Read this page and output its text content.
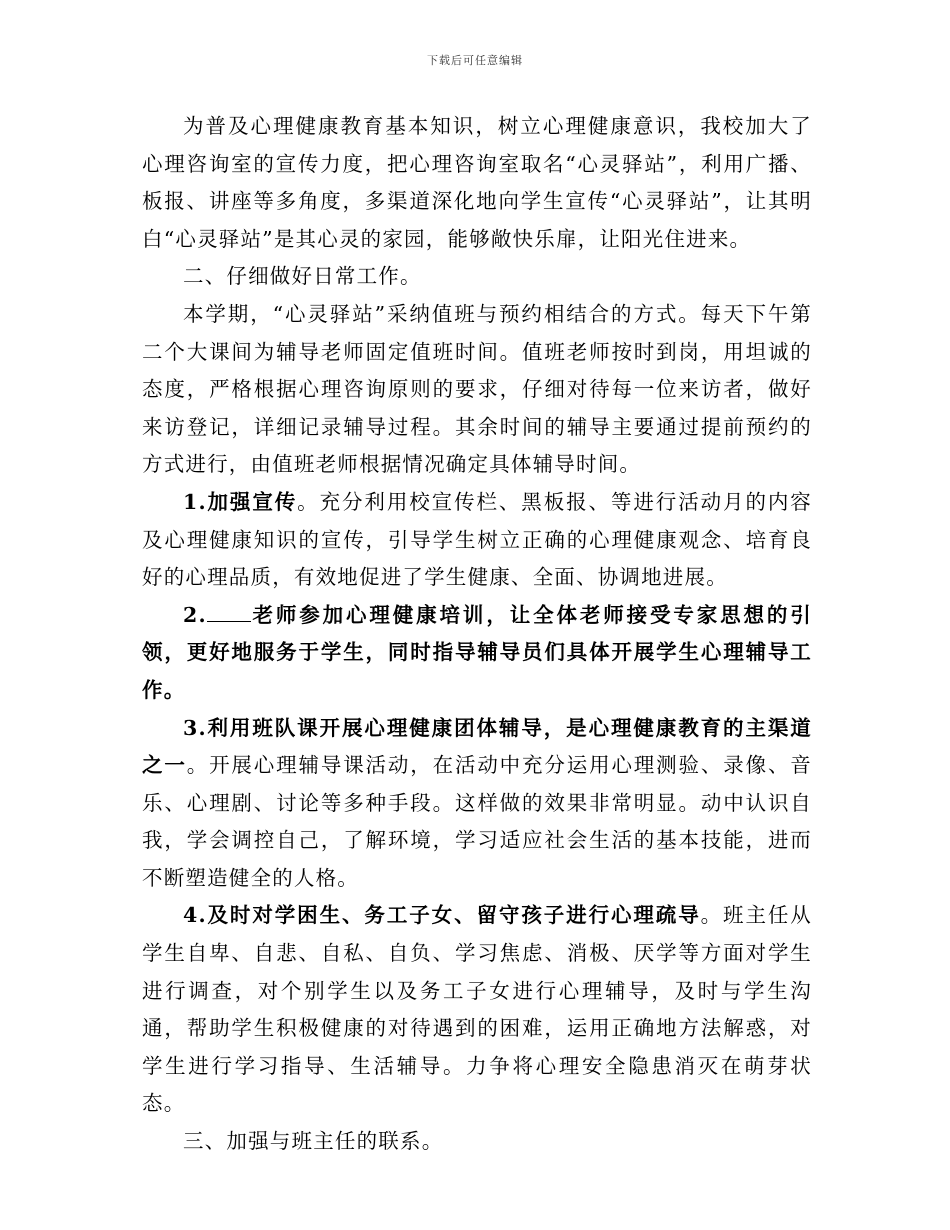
下载后可任意编辑

为普及心理健康教育基本知识，树立心理健康意识，我校加大了心理咨询室的宣传力度，把心理咨询室取名“心灵驿站”，利用广播、板报、讲座等多角度，多渠道深化地向学生宣传“心灵驿站”，让其明白“心灵驿站”是其心灵的家园，能够敞快乐扉，让阳光住进来。

二、仔细做好日常工作。

本学期，“心灵驿站”采纳值班与预约相结合的方式。每天下午第二个大课间为辅导老师固定值班时间。值班老师按时到岗，用坦诚的态度，严格根据心理咨询原则的要求，仔细对待每一位来访者，做好来访登记，详细记录辅导过程。其余时间的辅导主要通过提前预约的方式进行，由值班老师根据情况确定具体辅导时间。

1.加强宣传。充分利用校宣传栏、黑板报、等进行活动月的内容及心理健康知识的宣传，引导学生树立正确的心理健康观念、培育良好的心理品质，有效地促进了学生健康、全面、协调地进展。

2. 老师参加心理健康培训，让全体老师接受专家思想的引领，更好地服务于学生，同时指导辅导员们具体开展学生心理辅导工作。

3.利用班队课开展心理健康团体辅导，是心理健康教育的主渠道之一。开展心理辅导课活动，在活动中充分运用心理测验、录像、音乐、心理剧、讨论等多种手段。这样做的效果非常明显。动中认识自我，学会调控自己，了解环境，学习适应社会生活的基本技能，进而不断塑造健全的人格。

4.及时对学困生、务工子女、留守孩子进行心理疏导。班主任从学生自卑、自悲、自私、自负、学习焦虑、消极、厌学等方面对学生进行调查，对个别学生以及务工子女进行心理辅导，及时与学生沟通，帮助学生积极健康的对待遇到的困难，运用正确地方法解惑，对学生进行学习指导、生活辅导。力争将心理安全隐患消灭在萌芽状态。

三、加强与班主任的联系。
